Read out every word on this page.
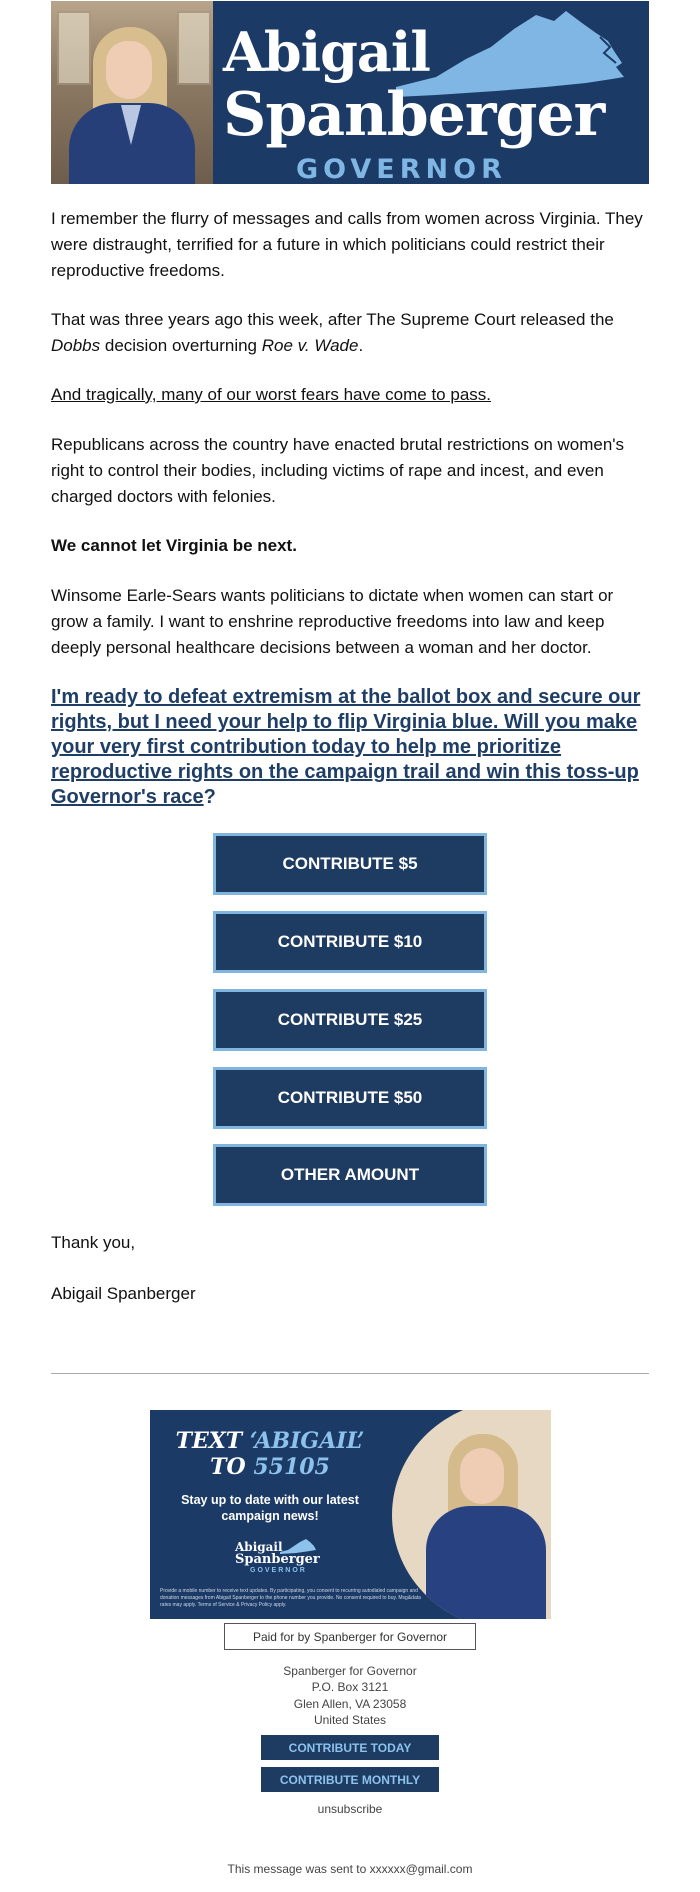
Abigail
Spanberger
GOVERNOR

I remember the flurry of messages and calls from women across Virginia. They were distraught, terrified for a future in which politicians could restrict their reproductive freedoms.

That was three years ago this week, after The Supreme Court released the Dobbs decision overturning Roe v. Wade.

And tragically, many of our worst fears have come to pass.

Republicans across the country have enacted brutal restrictions on women's right to control their bodies, including victims of rape and incest, and even charged doctors with felonies.

We cannot let Virginia be next.

Winsome Earle-Sears wants politicians to dictate when women can start or grow a family. I want to enshrine reproductive freedoms into law and keep deeply personal healthcare decisions between a woman and her doctor.

I'm ready to defeat extremism at the ballot box and secure our rights, but I need your help to flip Virginia blue. Will you make your very first contribution today to help me prioritize reproductive rights on the campaign trail and win this toss-up Governor's race?

CONTRIBUTE $5
CONTRIBUTE $10
CONTRIBUTE $25
CONTRIBUTE $50
OTHER AMOUNT

Thank you,

Abigail Spanberger

TEXT ‘ABIGAIL’
TO 55105
Stay up to date with our latest campaign news!
Abigail
Spanberger
GOVERNOR
Provide a mobile number to receive text updates. By participating, you consent to recurring autodialed campaign and donation messages from Abigail Spanberger to the phone number you provide. No consent required to buy. Msg&data rates may apply. Terms of Service & Privacy Policy apply.
Paid for by Spanberger for Governor
Spanberger for Governor
P.O. Box 3121
Glen Allen, VA 23058
United States
CONTRIBUTE TODAY
CONTRIBUTE MONTHLY
unsubscribe
This message was sent to xxxxxx@gmail.com
